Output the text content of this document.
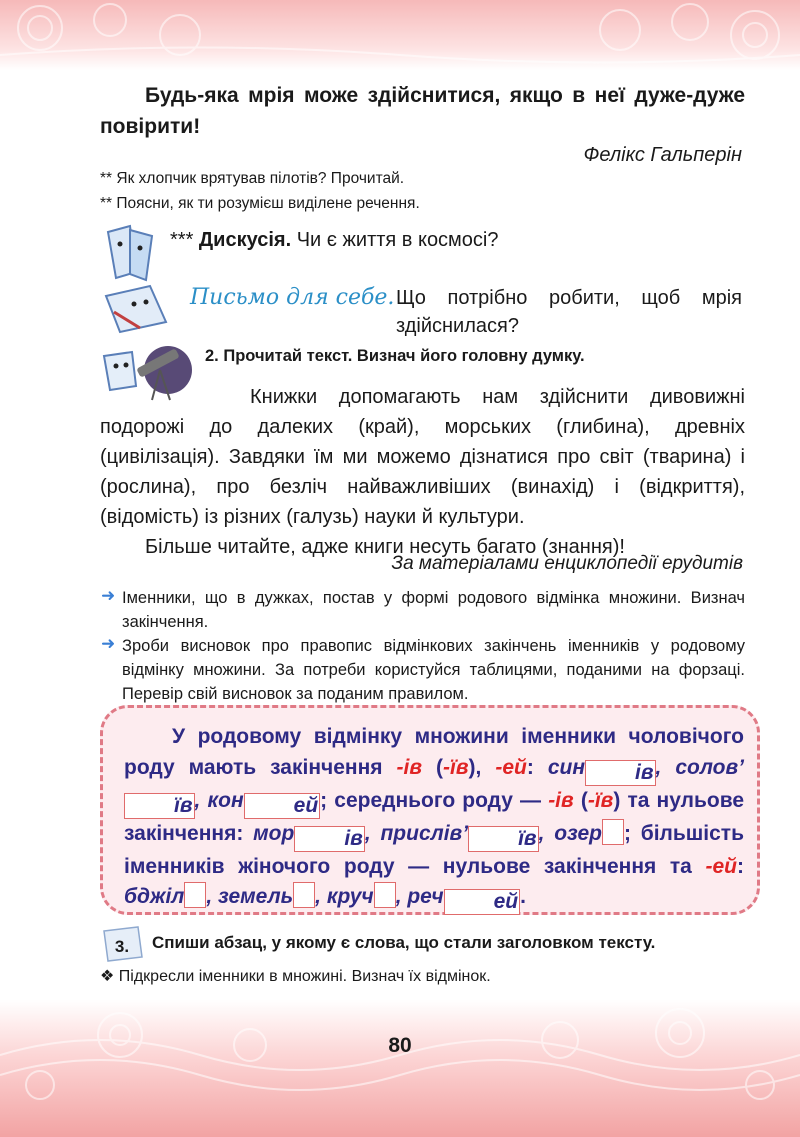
Будь-яка мрія може здійснитися, якщо в неї дуже-дуже повірити!
Фелікс Гальперін
** Як хлопчик врятував пілотів? Прочитай.
** Поясни, як ти розумієш виділене речення.
*** Дискусія. Чи є життя в космосі?
Письмо для себе. Що потрібно робити, щоб мрія здійснилася?
2. Прочитай текст. Визнач його головну думку.

Книжки допомагають нам здійснити дивовижні подорожі до далеких (край), морських (глибина), древніх (цивілізація). Завдяки їм ми можемо дізнатися про світ (тварина) і (рослина), про безліч найважливіших (винахід) і (відкриття), (відомість) із різних (галузь) науки й культури.

Більше читайте, адже книги несуть багато (знання)!

За матеріалами енциклопедії ерудитів
➜ Іменники, що в дужках, постав у формі родового відмінка множини. Визнач закінчення.
➜ Зроби висновок про правопис відмінкових закінчень іменників у родовому відмінку множини. За потреби користуйся таблицями, поданими на форзаці. Перевір свій висновок за поданим правилом.

У родовому відмінку множини іменники чоловічого роду мають закінчення -ів (-їв), -ей: син ів, солов’їв, кон ей; середнього роду — -ів (-їв) та нульове закінчення: мор ів, прислів’ їв, озер ; більшість іменників жіночого роду — нульове закінчення та -ей: бджіл , земель , круч , реч ей.

3. Спиши абзац, у якому є слова, що стали заголовком тексту.
❖ Підкресли іменники в множині. Визнач їх відмінок.
80
